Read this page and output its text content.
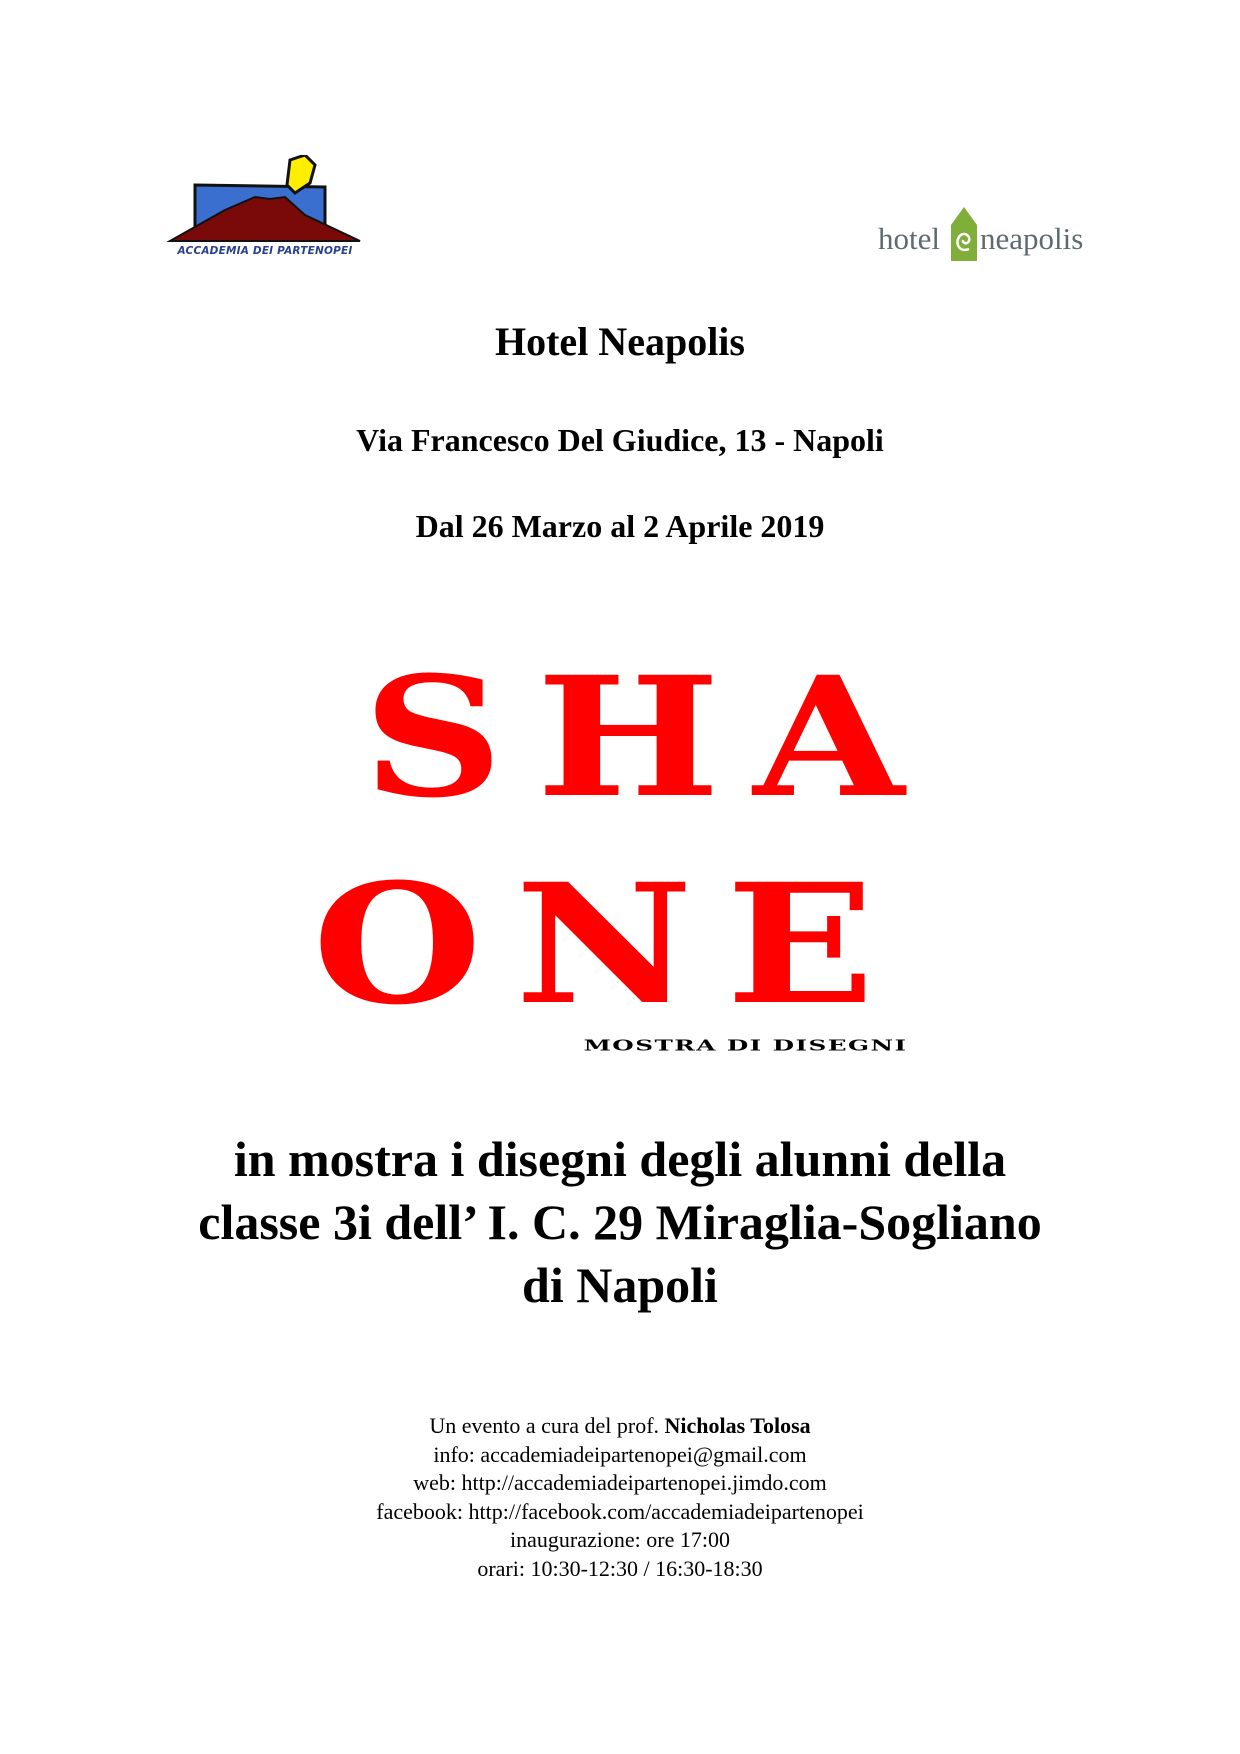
ACCADEMIA DEI PARTENOPEI	hotel neapolis
Hotel Neapolis
Via Francesco Del Giudice, 13 - Napoli
Dal 26 Marzo al 2 Aprile 2019
SHA
ONE
MOSTRA DI DISEGNI
in mostra i disegni degli alunni della
classe 3i dell’ I. C. 29 Miraglia-Sogliano
di Napoli
Un evento a cura del prof. Nicholas Tolosa
info: accademiadeipartenopei@gmail.com
web: http://accademiadeipartenopei.jimdo.com
facebook: http://facebook.com/accademiadeipartenopei
inaugurazione: ore 17:00
orari: 10:30-12:30 / 16:30-18:30
